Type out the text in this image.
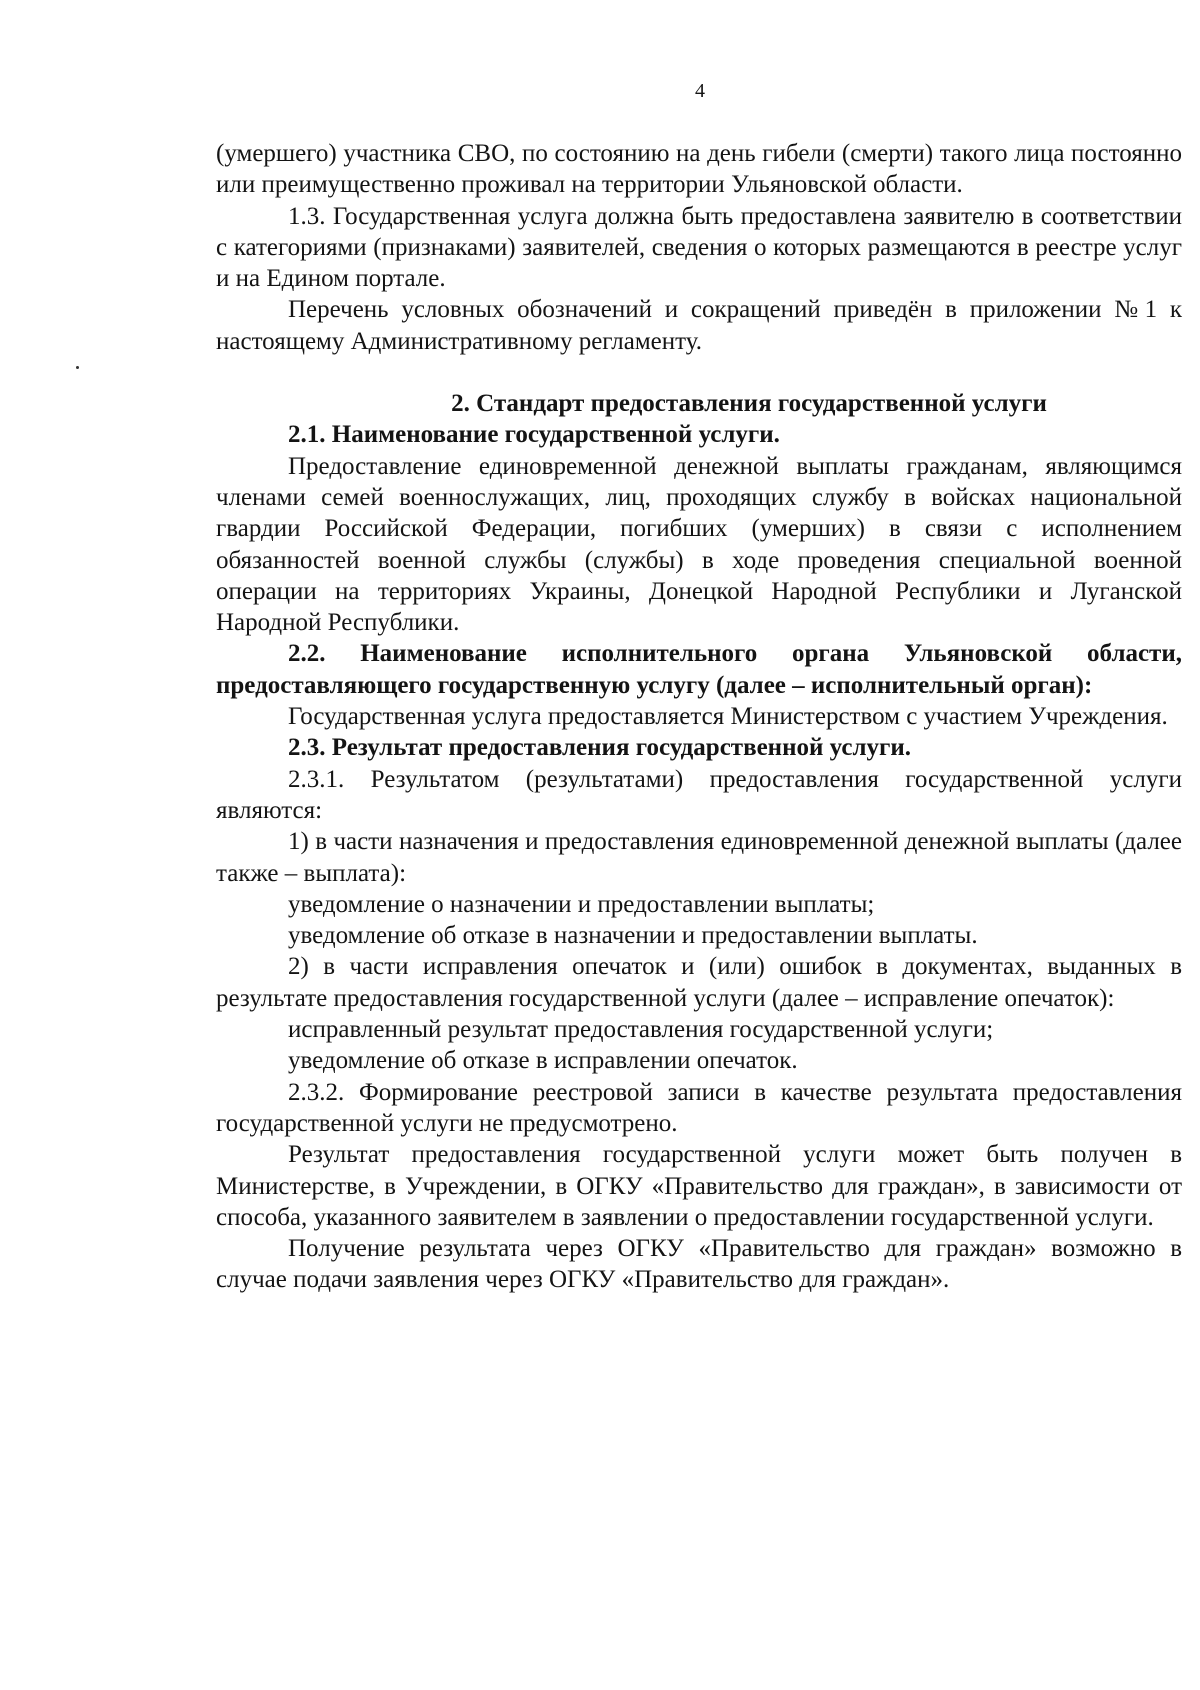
4

(умершего) участника СВО, по состоянию на день гибели (смерти) такого лица постоянно или преимущественно проживал на территории Ульяновской области.

1.3. Государственная услуга должна быть предоставлена заявителю в соответствии с категориями (признаками) заявителей, сведения о которых размещаются в реестре услуг и на Едином портале.

Перечень условных обозначений и сокращений приведён в приложении №1 к настоящему Административному регламенту.

2. Стандарт предоставления государственной услуги

2.1. Наименование государственной услуги.

Предоставление единовременной денежной выплаты гражданам, являющимся членами семей военнослужащих, лиц, проходящих службу в войсках национальной гвардии Российской Федерации, погибших (умерших) в связи с исполнением обязанностей военной службы (службы) в ходе проведения специальной военной операции на территориях Украины, Донецкой Народной Республики и Луганской Народной Республики.

2.2. Наименование исполнительного органа Ульяновской области, предоставляющего государственную услугу (далее – исполнительный орган):

Государственная услуга предоставляется Министерством с участием Учреждения.

2.3. Результат предоставления государственной услуги.

2.3.1. Результатом (результатами) предоставления государственной услуги являются:

1) в части назначения и предоставления единовременной денежной выплаты (далее также – выплата):

уведомление о назначении и предоставлении выплаты;

уведомление об отказе в назначении и предоставлении выплаты.

2) в части исправления опечаток и (или) ошибок в документах, выданных в результате предоставления государственной услуги (далее – исправление опечаток):

исправленный результат предоставления государственной услуги;

уведомление об отказе в исправлении опечаток.

2.3.2. Формирование реестровой записи в качестве результата предоставления государственной услуги не предусмотрено.

Результат предоставления государственной услуги может быть получен в Министерстве, в Учреждении, в ОГКУ «Правительство для граждан», в зависимости от способа, указанного заявителем в заявлении о предоставлении государственной услуги.

Получение результата через ОГКУ «Правительство для граждан» возможно в случае подачи заявления через ОГКУ «Правительство для граждан».
